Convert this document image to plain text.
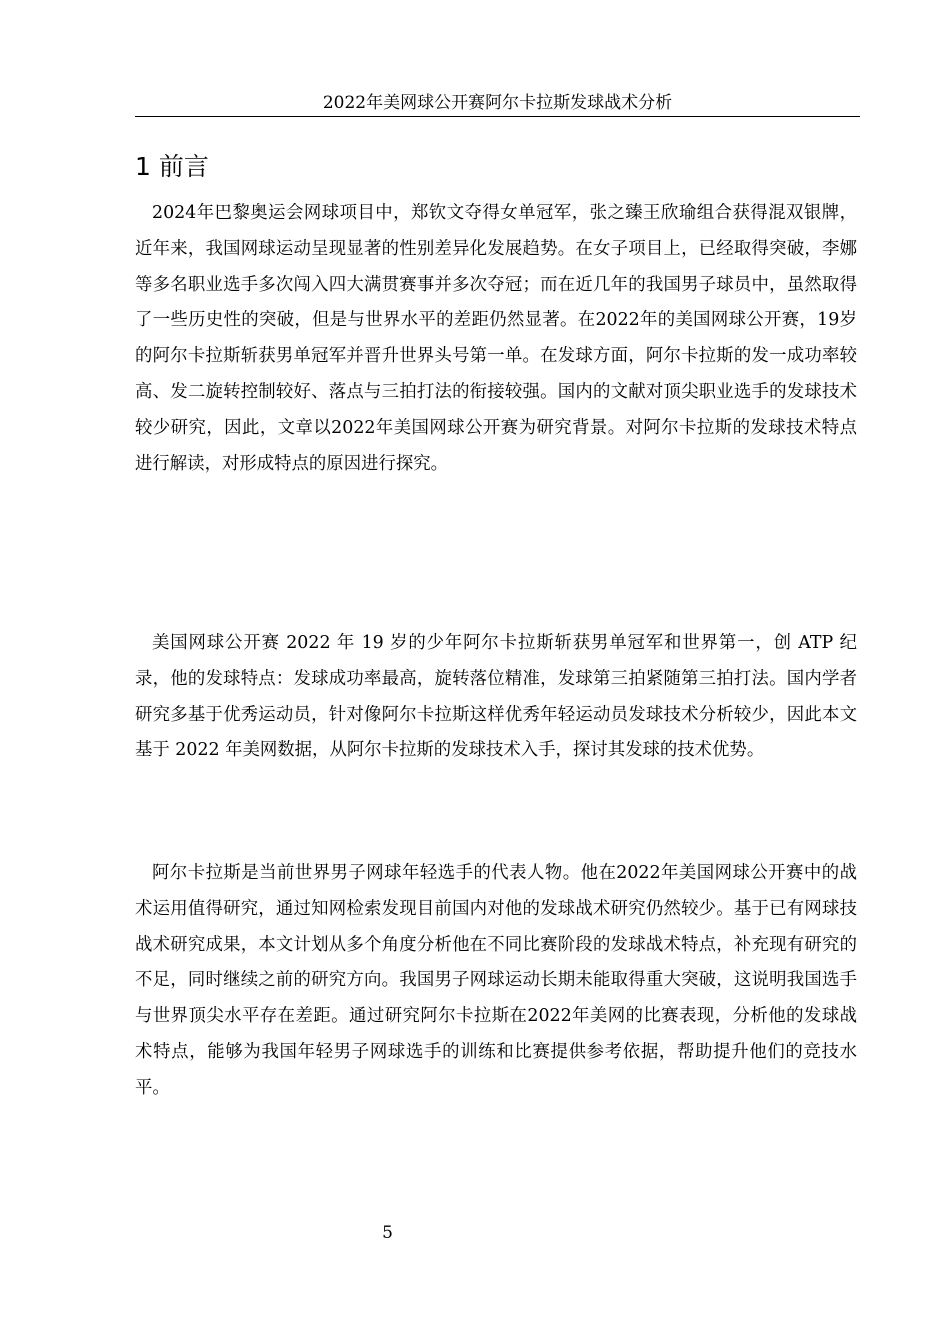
2022年美网球公开赛阿尔卡拉斯发球战术分析
1 前言

2024年巴黎奥运会网球项目中，郑钦文夺得女单冠军，张之臻王欣瑜组合获得混双银牌，近年来，我国网球运动呈现显著的性别差异化发展趋势。在女子项目上，已经取得突破，李娜等多名职业选手多次闯入四大满贯赛事并多次夺冠；而在近几年的我国男子球员中，虽然取得了一些历史性的突破，但是与世界水平的差距仍然显著。在2022年的美国网球公开赛，19岁的阿尔卡拉斯斩获男单冠军并晋升世界头号第一单。在发球方面，阿尔卡拉斯的发一成功率较高、发二旋转控制较好、落点与三拍打法的衔接较强。国内的文献对顶尖职业选手的发球技术较少研究，因此，文章以2022年美国网球公开赛为研究背景。对阿尔卡拉斯的发球技术特点进行解读，对形成特点的原因进行探究。

美国网球公开赛 2022 年 19 岁的少年阿尔卡拉斯斩获男单冠军和世界第一，创 ATP 纪录，他的发球特点：发球成功率最高，旋转落位精准，发球第三拍紧随第三拍打法。国内学者研究多基于优秀运动员，针对像阿尔卡拉斯这样优秀年轻运动员发球技术分析较少，因此本文基于 2022 年美网数据，从阿尔卡拉斯的发球技术入手，探讨其发球的技术优势。

阿尔卡拉斯是当前世界男子网球年轻选手的代表人物。他在2022年美国网球公开赛中的战术运用值得研究，通过知网检索发现目前国内对他的发球战术研究仍然较少。基于已有网球技战术研究成果，本文计划从多个角度分析他在不同比赛阶段的发球战术特点，补充现有研究的不足，同时继续之前的研究方向。我国男子网球运动长期未能取得重大突破，这说明我国选手与世界顶尖水平存在差距。通过研究阿尔卡拉斯在2022年美网的比赛表现，分析他的发球战术特点，能够为我国年轻男子网球选手的训练和比赛提供参考依据，帮助提升他们的竞技水平。

5
